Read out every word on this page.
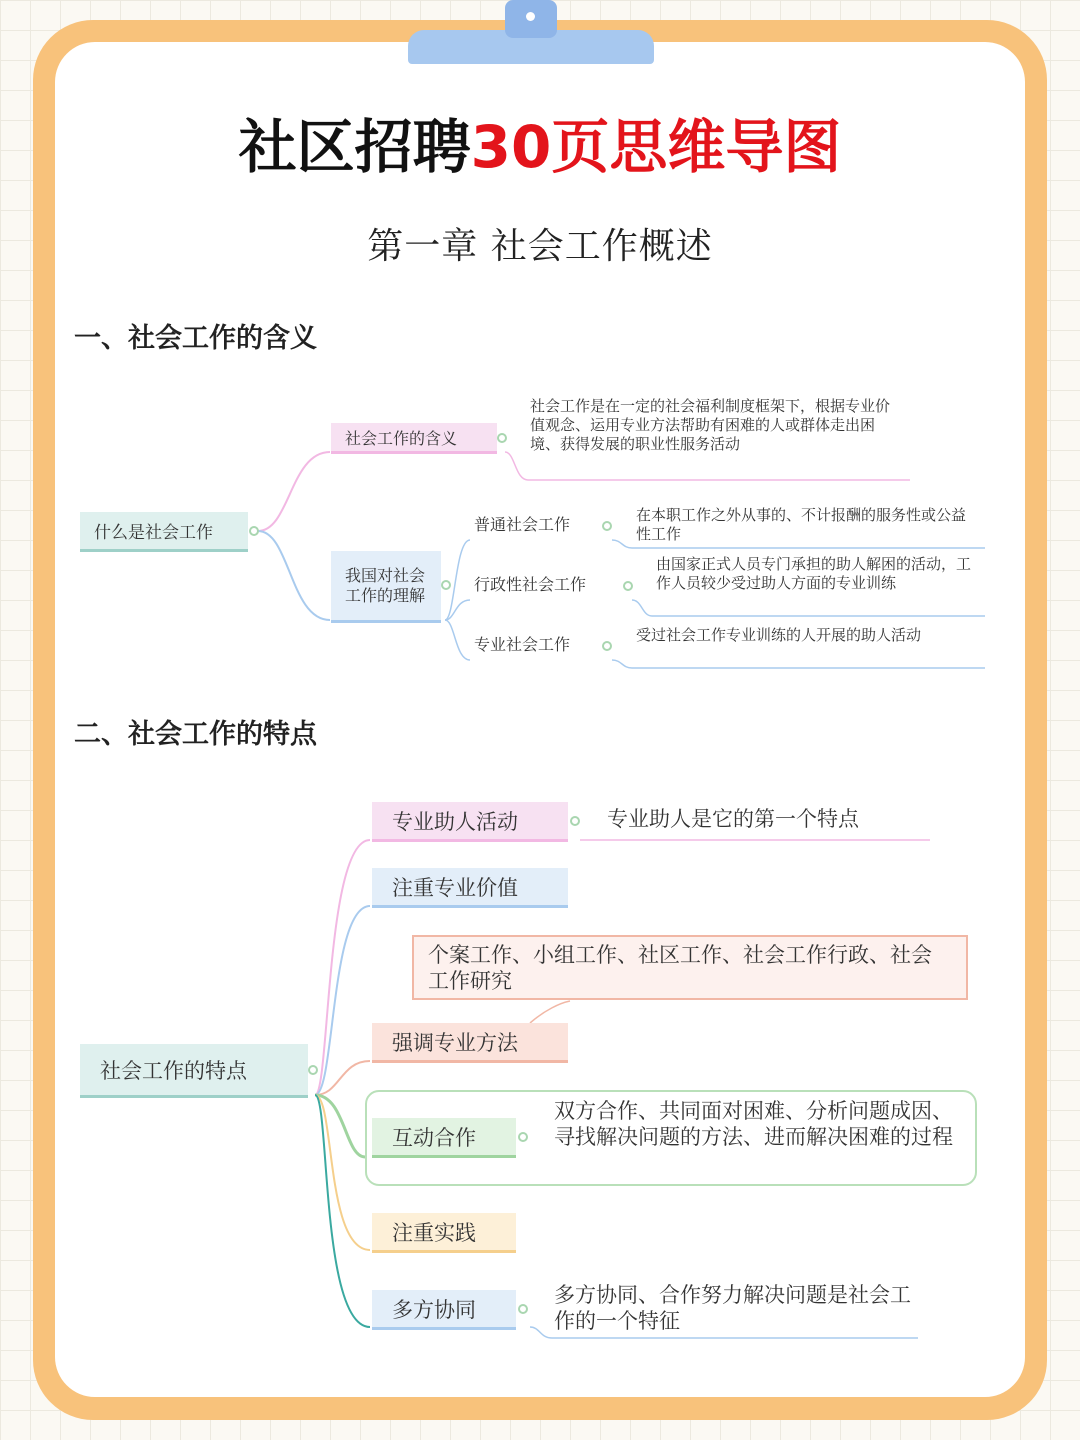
社区招聘30页思维导图
第一章 社会工作概述
一、社会工作的含义
二、社会工作的特点
什么是社会工作
社会工作的含义
社会工作是在一定的社会福利制度框架下，根据专业价值观念、运用专业方法帮助有困难的人或群体走出困境、获得发展的职业性服务活动
我国对社会工作的理解
普通社会工作	在本职工作之外从事的、不计报酬的服务性或公益性工作
行政性社会工作
由国家正式人员专门承担的助人解困的活动，工作人员较少受过助人方面的专业训练
专业社会工作	受过社会工作专业训练的人开展的助人活动
社会工作的特点
专业助人活动	专业助人是它的第一个特点
注重专业价值
个案工作、小组工作、社区工作、社会工作行政、社会工作研究
强调专业方法
互动合作
双方合作、共同面对困难、分析问题成因、寻找解决问题的方法、进而解决困难的过程
注重实践
多方协同
多方协同、合作努力解决问题是社会工作的一个特征
